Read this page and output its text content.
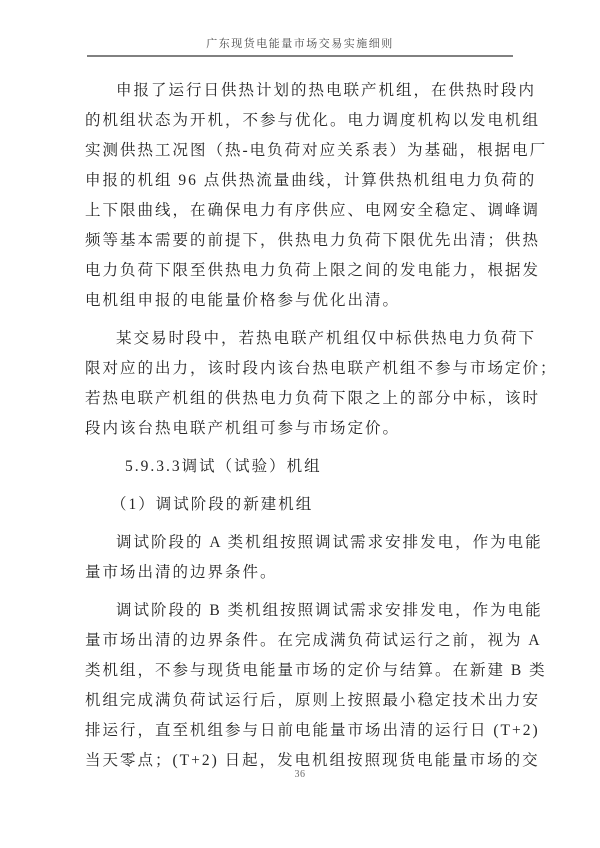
广东现货电能量市场交易实施细则
申报了运行日供热计划的热电联产机组，在供热时段内
的机组状态为开机，不参与优化。电力调度机构以发电机组
实测供热工况图（热-电负荷对应关系表）为基础，根据电厂
申报的机组 96 点供热流量曲线，计算供热机组电力负荷的
上下限曲线，在确保电力有序供应、电网安全稳定、调峰调
频等基本需要的前提下，供热电力负荷下限优先出清；供热
电力负荷下限至供热电力负荷上限之间的发电能力，根据发
电机组申报的电能量价格参与优化出清。
某交易时段中，若热电联产机组仅中标供热电力负荷下
限对应的出力，该时段内该台热电联产机组不参与市场定价；
若热电联产机组的供热电力负荷下限之上的部分中标，该时
段内该台热电联产机组可参与市场定价。
5.9.3.3调试（试验）机组
（1）调试阶段的新建机组
调试阶段的 A 类机组按照调试需求安排发电，作为电能
量市场出清的边界条件。
调试阶段的 B 类机组按照调试需求安排发电，作为电能
量市场出清的边界条件。在完成满负荷试运行之前，视为 A
类机组，不参与现货电能量市场的定价与结算。在新建 B 类
机组完成满负荷试运行后，原则上按照最小稳定技术出力安
排运行，直至机组参与日前电能量市场出清的运行日 (T+2)
当天零点；(T+2) 日起，发电机组按照现货电能量市场的交
36
